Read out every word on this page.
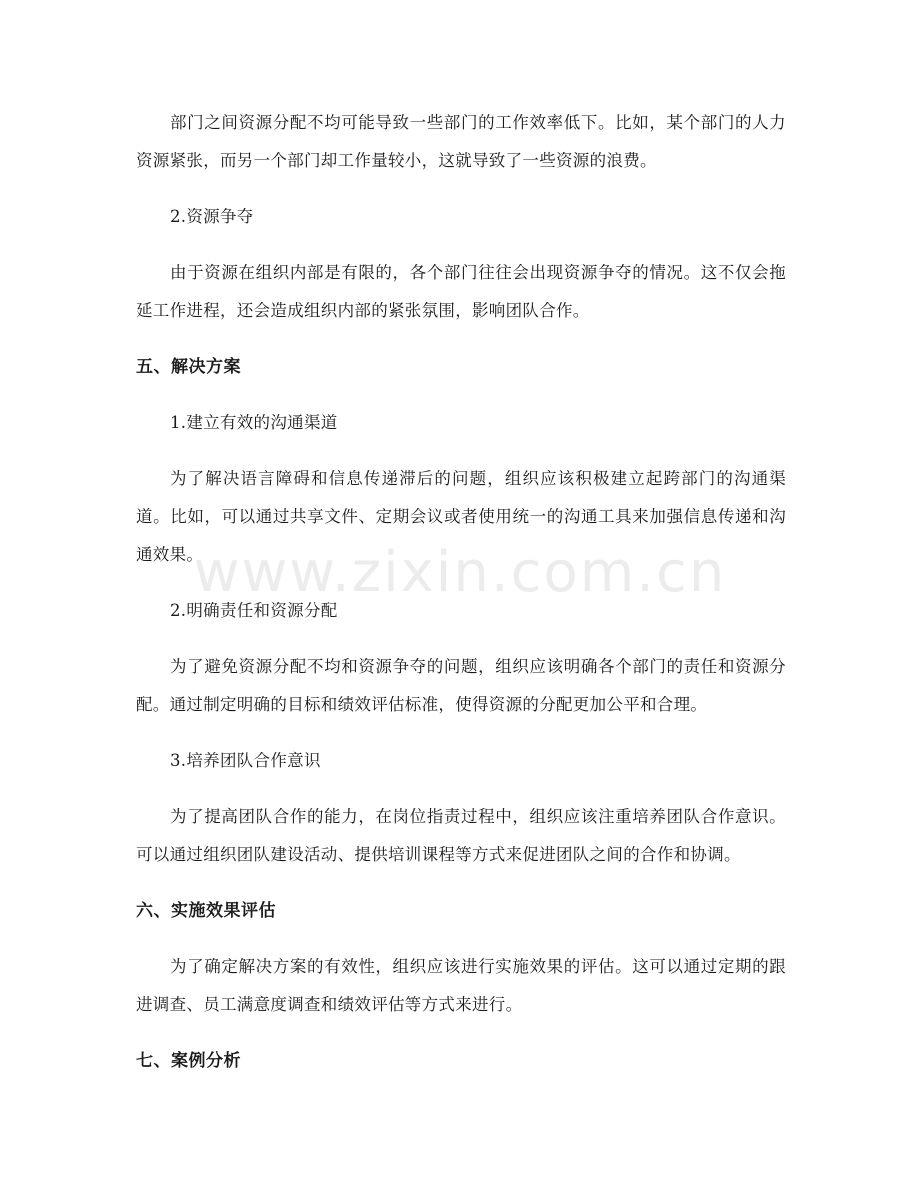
部门之间资源分配不均可能导致一些部门的工作效率低下。比如，某个部门的人力资源紧张，而另一个部门却工作量较小，这就导致了一些资源的浪费。

2.资源争夺

由于资源在组织内部是有限的，各个部门往往会出现资源争夺的情况。这不仅会拖延工作进程，还会造成组织内部的紧张氛围，影响团队合作。

五、解决方案

1.建立有效的沟通渠道

为了解决语言障碍和信息传递滞后的问题，组织应该积极建立起跨部门的沟通渠道。比如，可以通过共享文件、定期会议或者使用统一的沟通工具来加强信息传递和沟通效果。

2.明确责任和资源分配

为了避免资源分配不均和资源争夺的问题，组织应该明确各个部门的责任和资源分配。通过制定明确的目标和绩效评估标准，使得资源的分配更加公平和合理。

3.培养团队合作意识

为了提高团队合作的能力，在岗位指责过程中，组织应该注重培养团队合作意识。可以通过组织团队建设活动、提供培训课程等方式来促进团队之间的合作和协调。

六、实施效果评估

为了确定解决方案的有效性，组织应该进行实施效果的评估。这可以通过定期的跟进调查、员工满意度调查和绩效评估等方式来进行。

七、案例分析
www.zixin.com.cn
